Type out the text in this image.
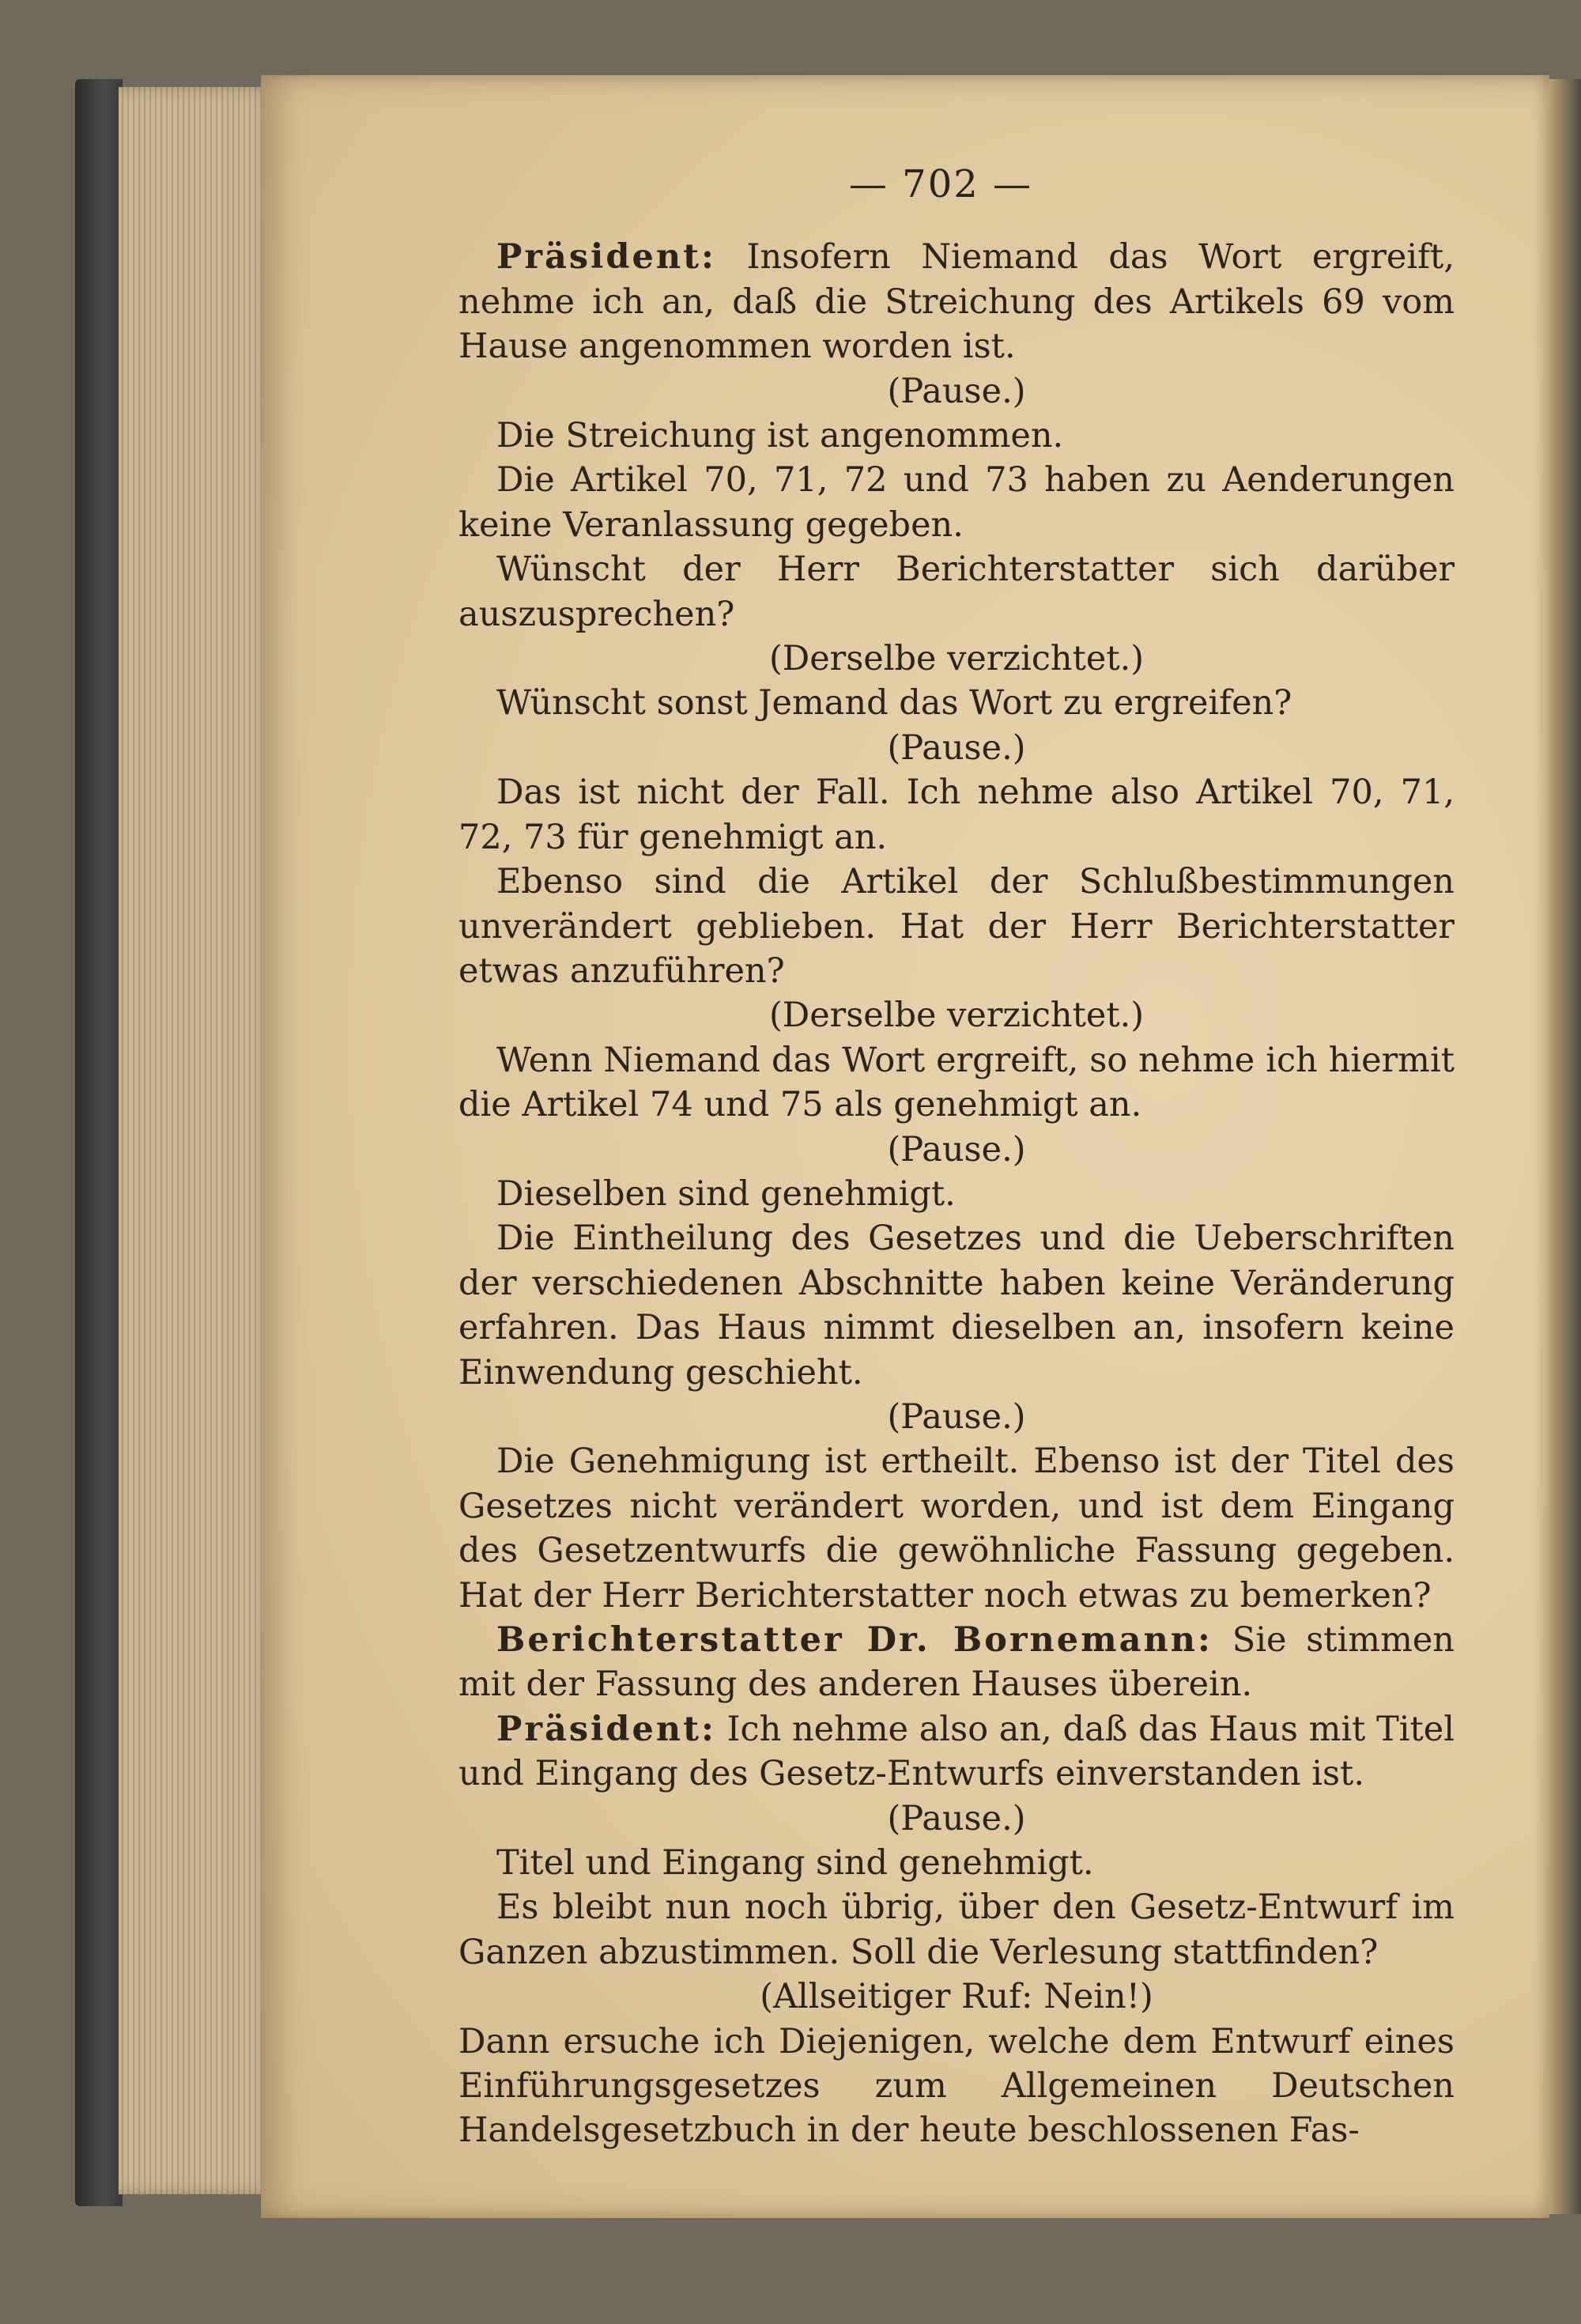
— 702 —

Präsident: Insofern Niemand das Wort ergreift, nehme ich an, daß die Streichung des Artikels 69 vom Hause angenommen worden ist.

(Pause.)

Die Streichung ist angenommen.

Die Artikel 70, 71, 72 und 73 haben zu Aenderungen keine Veranlassung gegeben.

Wünscht der Herr Berichterstatter sich darüber auszusprechen?

(Derselbe verzichtet.)

Wünscht sonst Jemand das Wort zu ergreifen?

(Pause.)

Das ist nicht der Fall. Ich nehme also Artikel 70, 71, 72, 73 für genehmigt an.

Ebenso sind die Artikel der Schlußbestimmungen unverändert geblieben. Hat der Herr Berichterstatter etwas anzuführen?

(Derselbe verzichtet.)

Wenn Niemand das Wort ergreift, so nehme ich hiermit die Artikel 74 und 75 als genehmigt an.

(Pause.)

Dieselben sind genehmigt.

Die Eintheilung des Gesetzes und die Ueberschriften der verschiedenen Abschnitte haben keine Veränderung erfahren. Das Haus nimmt dieselben an, insofern keine Einwendung geschieht.

(Pause.)

Die Genehmigung ist ertheilt. Ebenso ist der Titel des Gesetzes nicht verändert worden, und ist dem Eingang des Gesetzentwurfs die gewöhnliche Fassung gegeben. Hat der Herr Berichterstatter noch etwas zu bemerken?

Berichterstatter Dr. Bornemann: Sie stimmen mit der Fassung des anderen Hauses überein.

Präsident: Ich nehme also an, daß das Haus mit Titel und Eingang des Gesetz-Entwurfs einverstanden ist.

(Pause.)

Titel und Eingang sind genehmigt.

Es bleibt nun noch übrig, über den Gesetz-Entwurf im Ganzen abzustimmen. Soll die Verlesung stattfinden?

(Allseitiger Ruf: Nein!)

Dann ersuche ich Diejenigen, welche dem Entwurf eines Einführungsgesetzes zum Allgemeinen Deutschen Handelsgesetzbuch in der heute beschlossenen Fas-
